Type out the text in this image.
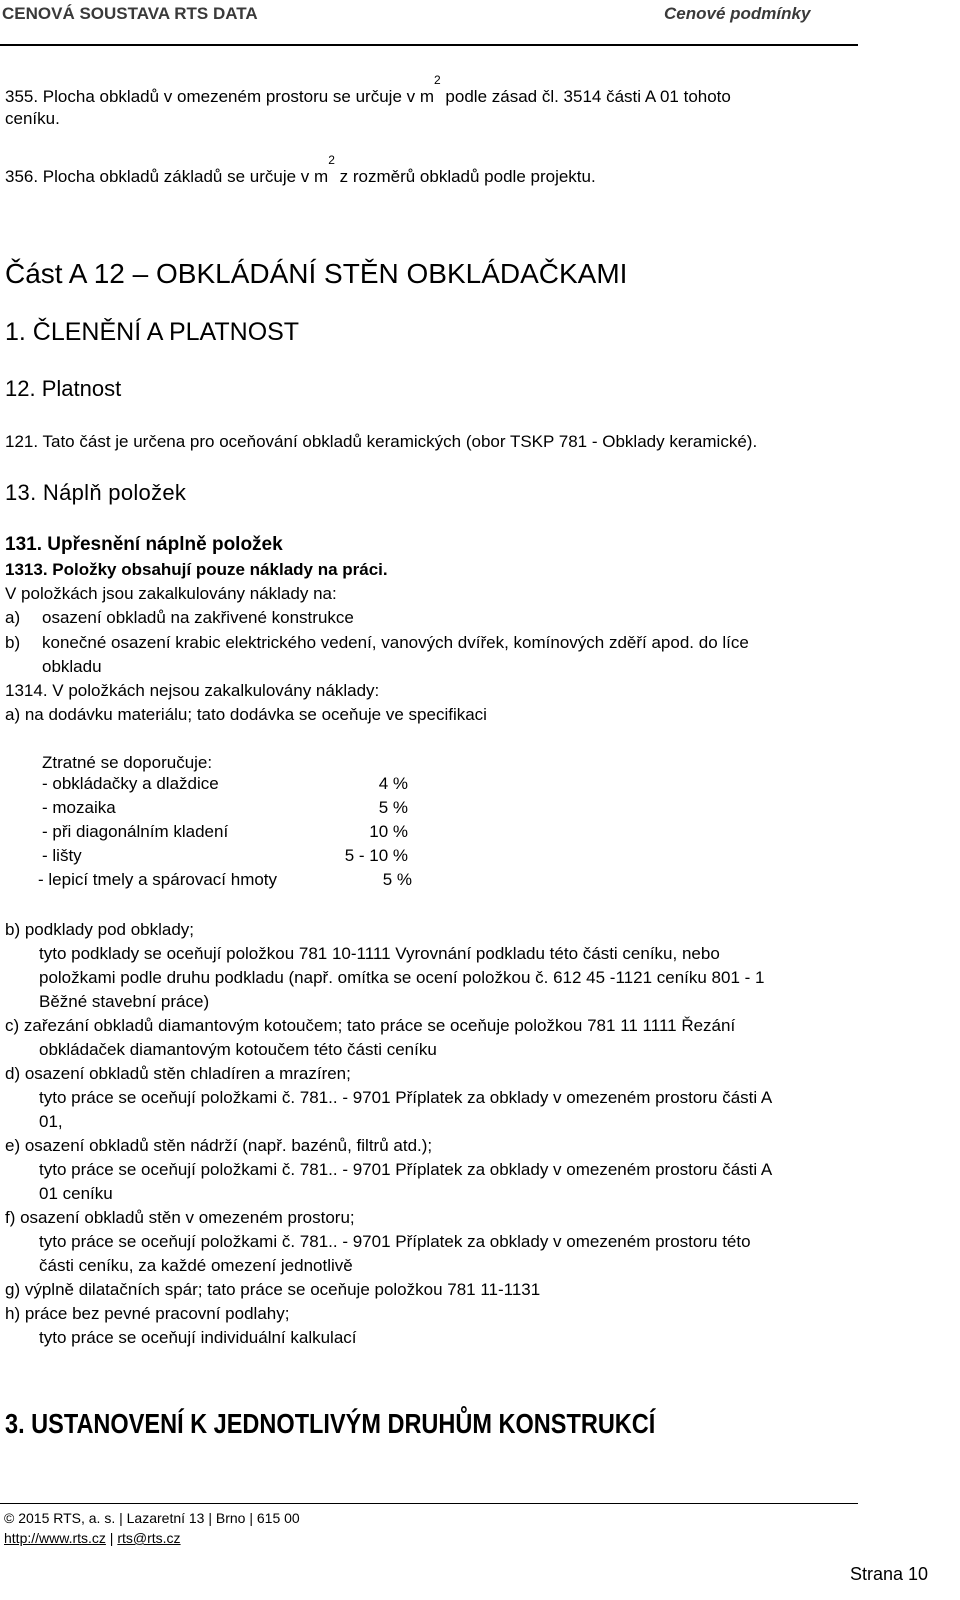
CENOVÁ SOUSTAVA RTS DATA	Cenové podmínky
355. Plocha obkladů v omezeném prostoru se určuje v $m^2$ podle zásad čl. 3514 části A 01 tohoto
ceníku.
356. Plocha obkladů základů se určuje v $m^2$ z rozměrů obkladů podle projektu.
Část A 12 – OBKLÁDÁNÍ STĚN OBKLÁDAČKAMI
1. ČLENĚNÍ A PLATNOST
12. Platnost
121. Tato část je určena pro oceňování obkladů keramických (obor TSKP 781 - Obklady keramické).
13. Náplň položek
131. Upřesnění náplně položek
1313. Položky obsahují pouze náklady na práci.
V položkách jsou zakalkulovány náklady na:
a) osazení obkladů na zakřivené konstrukce
b) konečné osazení krabic elektrického vedení, vanových dvířek, komínových zděří apod. do líce
obkladu
1314. V položkách nejsou zakalkulovány náklady:
a) na dodávku materiálu; tato dodávka se oceňuje ve specifikaci
Ztratné se doporučuje:
- obkládačky a dlaždice	4 %
- mozaika	5 %
- při diagonálním kladení	10 %
- lišty	5 - 10 %
- lepicí tmely a spárovací hmoty	5 %
b) podklady pod obklady;
tyto podklady se oceňují položkou 781 10-1111 Vyrovnání podkladu této části ceníku, nebo
položkami podle druhu podkladu (např. omítka se ocení položkou č. 612 45 -1121 ceníku 801 - 1
Běžné stavební práce)
c) zařezání obkladů diamantovým kotoučem; tato práce se oceňuje položkou 781 11 1111 Řezání
obkládaček diamantovým kotoučem této části ceníku
d) osazení obkladů stěn chladíren a mrazíren;
tyto práce se oceňují položkami č. 781.. - 9701 Příplatek za obklady v omezeném prostoru části A
01,
e) osazení obkladů stěn nádrží (např. bazénů, filtrů atd.);
tyto práce se oceňují položkami č. 781.. - 9701 Příplatek za obklady v omezeném prostoru části A
01 ceníku
f) osazení obkladů stěn v omezeném prostoru;
tyto práce se oceňují položkami č. 781.. - 9701 Příplatek za obklady v omezeném prostoru této
části ceníku, za každé omezení jednotlivě
g) výplně dilatačních spár; tato práce se oceňuje položkou 781 11-1131
h) práce bez pevné pracovní podlahy;
tyto práce se oceňují individuální kalkulací
3. USTANOVENÍ K JEDNOTLIVÝM DRUHŮM KONSTRUKCÍ
© 2015 RTS, a. s. | Lazaretní 13 | Brno | 615 00
http://www.rts.cz | rts@rts.cz
Strana 10
